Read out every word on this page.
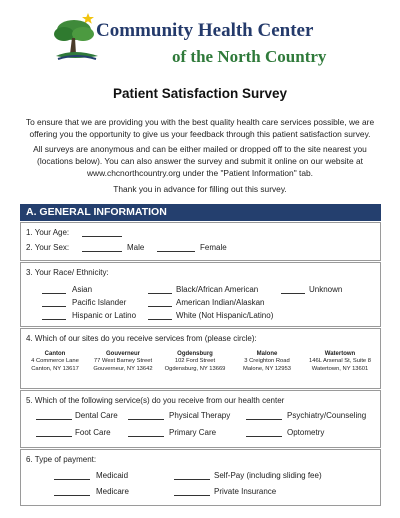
Community Health Center
of the North Country
Patient Satisfaction Survey
To ensure that we are providing you with the best quality health care services possible, we are offering you the opportunity to give us your feedback through this patient satisfaction survey.
All surveys are anonymous and can be either mailed or dropped off to the site nearest you (locations below). You can also answer the survey and submit it online on our website at www.chcnorthcountry.org under the "Patient Information" tab.
Thank you in advance for filling out this survey.
A. GENERAL INFORMATION
1. Your Age:
2. Your Sex:	Male	Female
3. Your Race/ Ethnicity:
Asian	Black/African American	Unknown
Pacific Islander	American Indian/Alaskan
Hispanic or Latino	White (Not Hispanic/Latino)
4. Which of our sites do you receive services from (please circle):
Canton
4 Commerce Lane
Canton, NY 13617
Gouverneur
77 West Barney Street
Gouverneur, NY 13642
Ogdensburg
102 Ford Street
Ogdensburg, NY 13669
Malone
3 Creighton Road
Malone, NY 12953
Watertown
146L Arsenal St, Suite 8
Watertown, NY 13601
5. Which of the following service(s) do you receive from our health center
Dental Care	Physical Therapy	Psychiatry/Counseling
Foot Care	Primary Care	Optometry
6. Type of payment:
Medicaid	Self-Pay (including sliding fee)
Medicare	Private Insurance
